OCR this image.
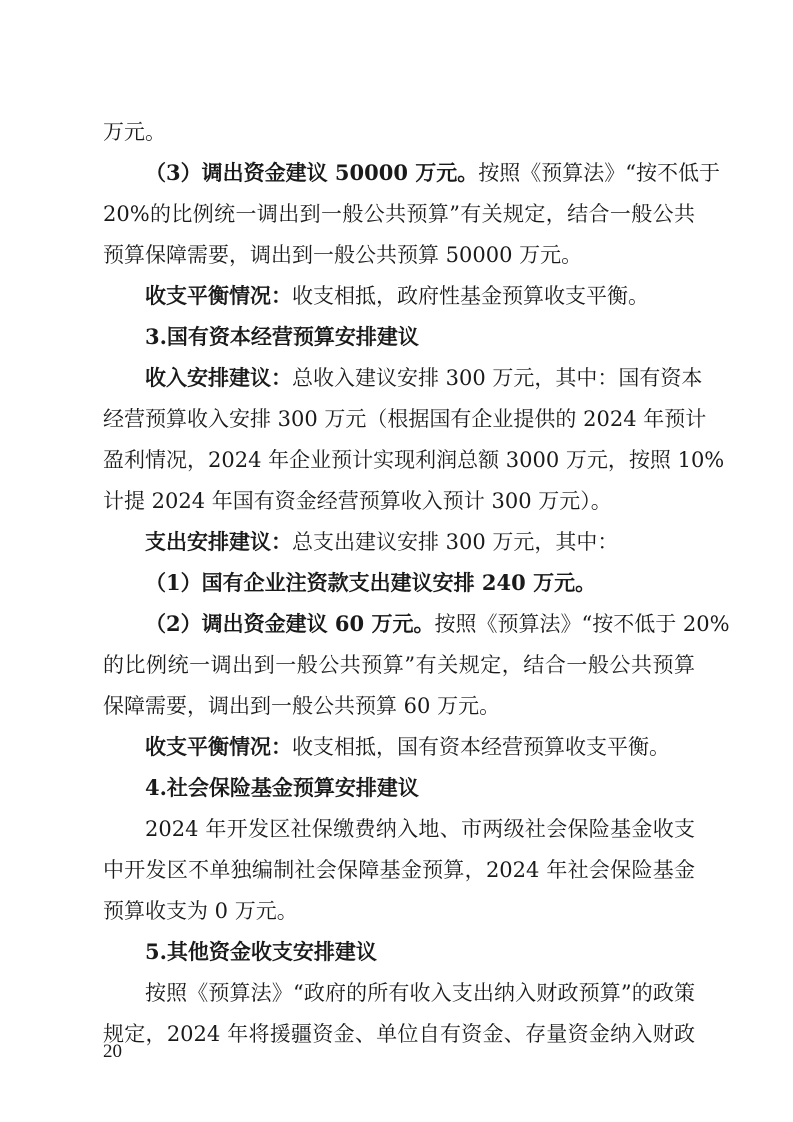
万元。
（3）调出资金建议 50000 万元。按照《预算法》“按不低于
20%的比例统一调出到一般公共预算”有关规定，结合一般公共
预算保障需要，调出到一般公共预算 50000 万元。
收支平衡情况：收支相抵，政府性基金预算收支平衡。
3.国有资本经营预算安排建议
收入安排建议：总收入建议安排 300 万元，其中：国有资本
经营预算收入安排 300 万元（根据国有企业提供的 2024 年预计
盈利情况，2024 年企业预计实现利润总额 3000 万元，按照 10%
计提 2024 年国有资金经营预算收入预计 300 万元）。
支出安排建议：总支出建议安排 300 万元，其中：
（1）国有企业注资款支出建议安排 240 万元。
（2）调出资金建议 60 万元。按照《预算法》“按不低于 20%
的比例统一调出到一般公共预算”有关规定，结合一般公共预算
保障需要，调出到一般公共预算 60 万元。
收支平衡情况：收支相抵，国有资本经营预算收支平衡。
4.社会保险基金预算安排建议
2024 年开发区社保缴费纳入地、市两级社会保险基金收支
中开发区不单独编制社会保障基金预算，2024 年社会保险基金
预算收支为 0 万元。
5.其他资金收支安排建议
按照《预算法》“政府的所有收入支出纳入财政预算”的政策
规定，2024 年将援疆资金、单位自有资金、存量资金纳入财政
20
